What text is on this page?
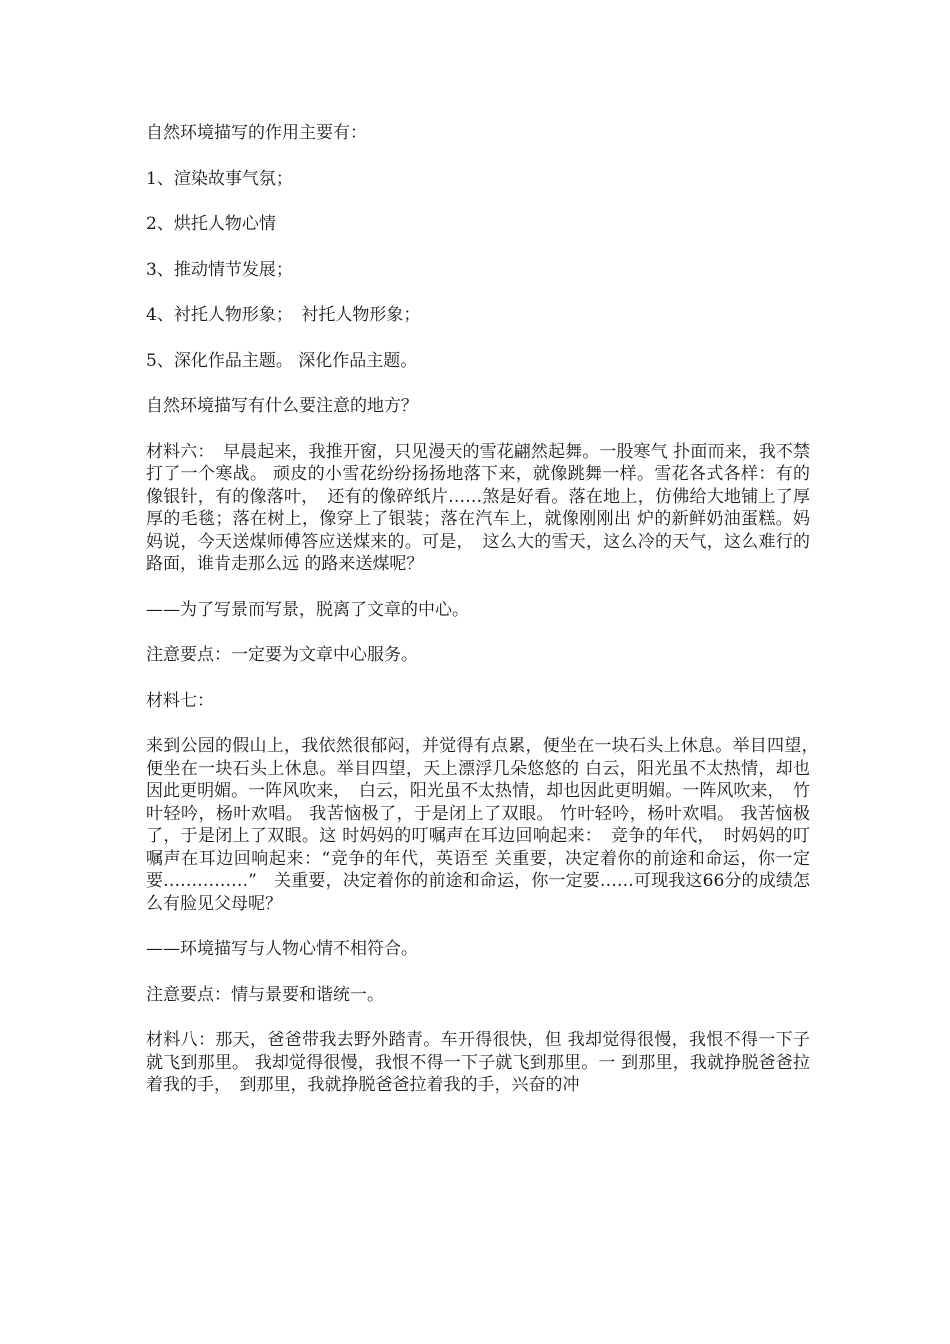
自然环境描写的作用主要有：

1、渲染故事气氛；

2、烘托人物心情

3、推动情节发展；

4、衬托人物形象；　衬托人物形象；

5、深化作品主题。 深化作品主题。

自然环境描写有什么要注意的地方？

材料六：　早晨起来，我推开窗，只见漫天的雪花翩然起舞。一股寒气 扑面而来，我不禁打了一个寒战。 顽皮的小雪花纷纷扬扬地落下来，就像跳舞一样。雪花各式各样：有的像银针，有的像落叶，　还有的像碎纸片……煞是好看。落在地上，仿佛给大地铺上了厚 厚的毛毯；落在树上，像穿上了银装；落在汽车上，就像刚刚出 炉的新鲜奶油蛋糕。妈妈说，今天送煤师傅答应送煤来的。可是，　这么大的雪天，这么冷的天气，这么难行的路面，谁肯走那么远 的路来送煤呢？

——为了写景而写景，脱离了文章的中心。

注意要点：一定要为文章中心服务。

材料七：

来到公园的假山上，我依然很郁闷，并觉得有点累，便坐在一块石头上休息。举目四望，　便坐在一块石头上休息。举目四望，天上漂浮几朵悠悠的 白云，阳光虽不太热情，却也因此更明媚。一阵风吹来，　白云，阳光虽不太热情，却也因此更明媚。一阵风吹来，　竹叶轻吟，杨叶欢唱。 我苦恼极了，于是闭上了双眼。 竹叶轻吟，杨叶欢唱。 我苦恼极了，于是闭上了双眼。这 时妈妈的叮嘱声在耳边回响起来：　竞争的年代，　时妈妈的叮嘱声在耳边回响起来：“竞争的年代，英语至 关重要，决定着你的前途和命运，你一定要……………”　关重要，决定着你的前途和命运，你一定要……可现我这66分的成绩怎么有脸见父母呢？

——环境描写与人物心情不相符合。

注意要点：情与景要和谐统一。

材料八：那天，爸爸带我去野外踏青。车开得很快，但 我却觉得很慢，我恨不得一下子就飞到那里。 我却觉得很慢，我恨不得一下子就飞到那里。一 到那里，我就挣脱爸爸拉着我的手，　到那里，我就挣脱爸爸拉着我的手，兴奋的冲
